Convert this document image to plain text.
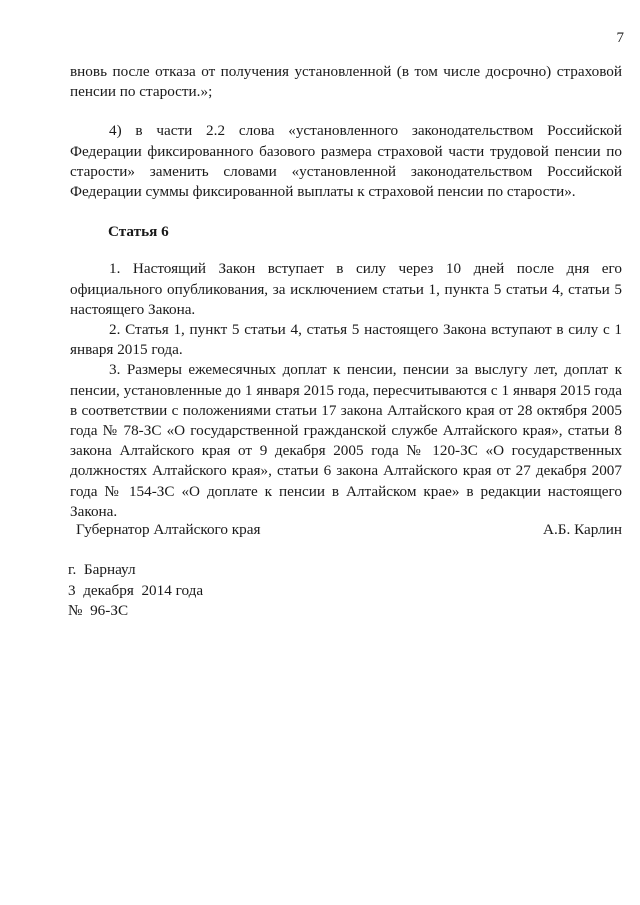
7

вновь после отказа от получения установленной (в том числе досрочно) страховой пенсии по старости.»;

4) в части 2.2 слова «установленного законодательством Российской Федерации фиксированного базового размера страховой части трудовой пенсии по старости» заменить словами «установленной законодательством Российской Федерации суммы фиксированной выплаты к страховой пенсии по старости».

Статья 6

1. Настоящий Закон вступает в силу через 10 дней после дня его официального опубликования, за исключением статьи 1, пункта 5 статьи 4, статьи 5 настоящего Закона.

2. Статья 1, пункт 5 статьи 4, статья 5 настоящего Закона вступают в силу с 1 января 2015 года.

3. Размеры ежемесячных доплат к пенсии, пенсии за выслугу лет, доплат к пенсии, установленные до 1 января 2015 года, пересчитываются с 1 января 2015 года в соответствии с положениями статьи 17 закона Алтайского края от 28 октября 2005 года № 78-ЗС «О государственной гражданской службе Алтайского края», статьи 8 закона Алтайского края от 9 декабря 2005 года № 120-ЗС «О государственных должностях Алтайского края», статьи 6 закона Алтайского края от 27 декабря 2007 года № 154-ЗС «О доплате к пенсии в Алтайском крае» в редакции настоящего Закона.

Губернатор Алтайского края	А.Б. Карлин
г.  Барнаул
3  декабря  2014 года
№  96-ЗС
